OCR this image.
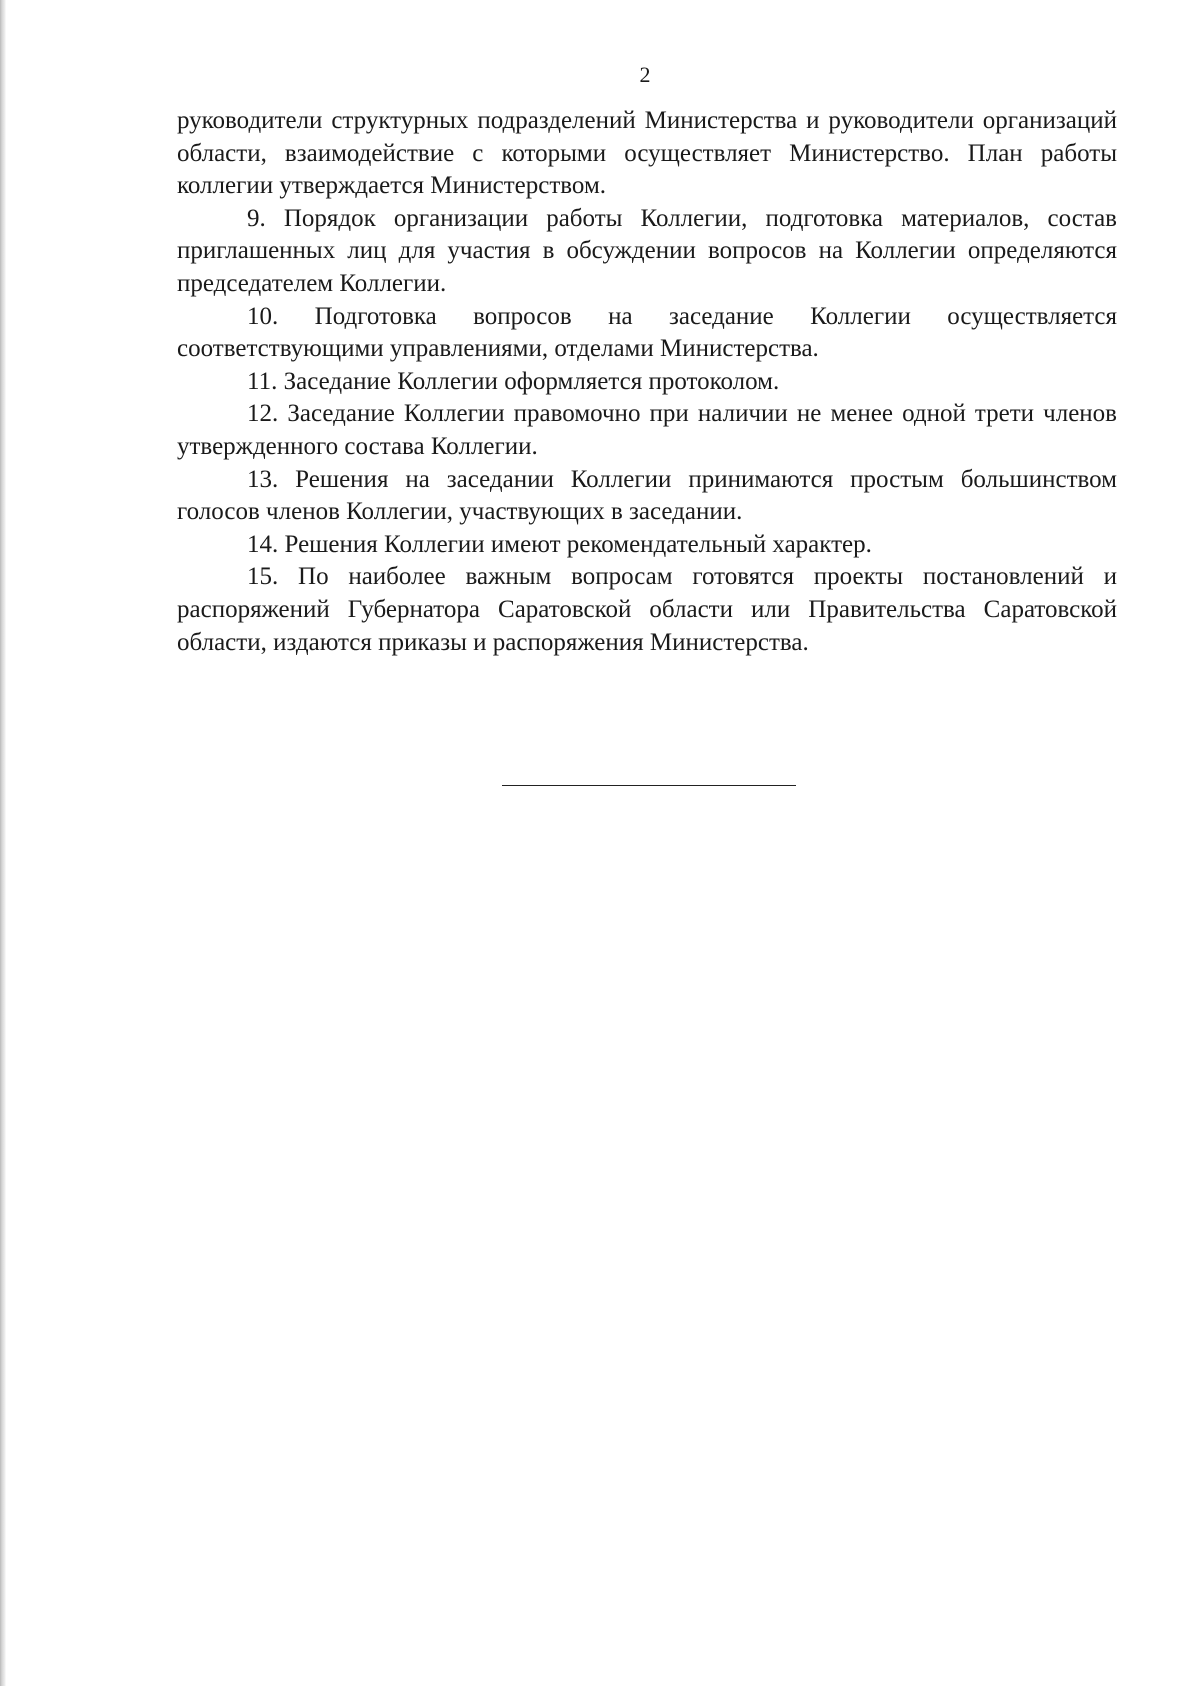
2

руководители структурных подразделений Министерства и руководители организаций области, взаимодействие с которыми осуществляет Министерство. План работы коллегии утверждается Министерством.

9. Порядок организации работы Коллегии, подготовка материалов, состав приглашенных лиц для участия в обсуждении вопросов на Коллегии определяются председателем Коллегии.

10. Подготовка вопросов на заседание Коллегии осуществляется соответствующими управлениями, отделами Министерства.

11. Заседание Коллегии оформляется протоколом.

12. Заседание Коллегии правомочно при наличии не менее одной трети членов утвержденного состава Коллегии.

13. Решения на заседании Коллегии принимаются простым большинством голосов членов Коллегии, участвующих в заседании.

14. Решения Коллегии имеют рекомендательный характер.

15. По наиболее важным вопросам готовятся проекты постановлений и распоряжений Губернатора Саратовской области или Правительства Саратовской области, издаются приказы и распоряжения Министерства.
